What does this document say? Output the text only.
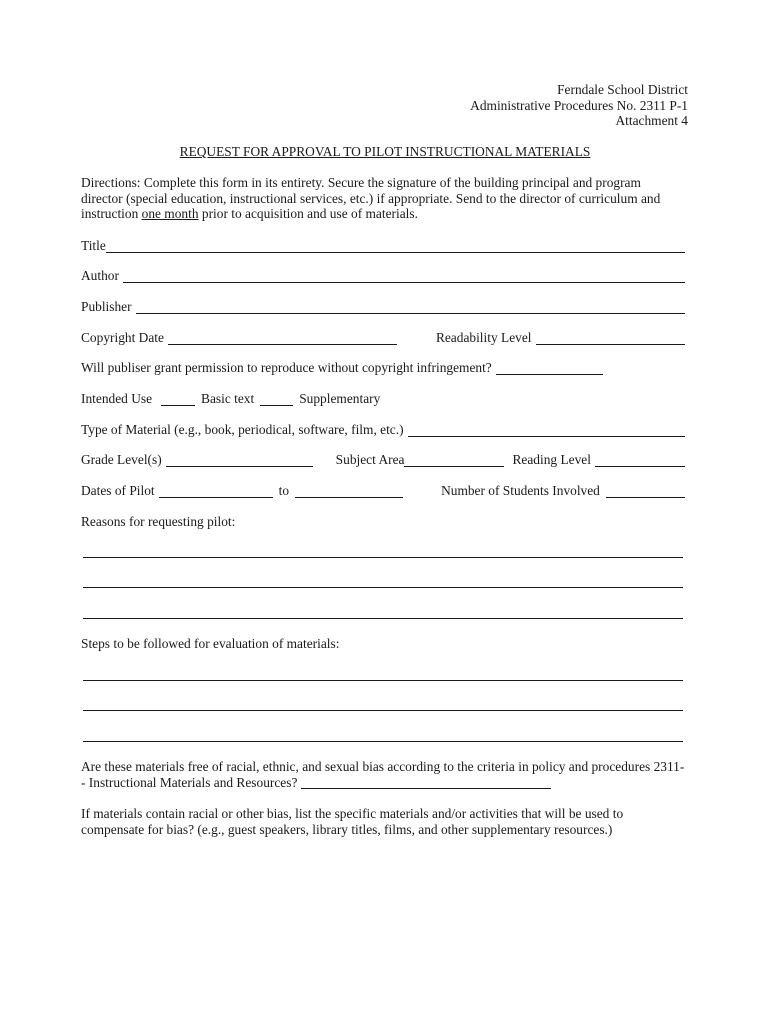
Ferndale School District
Administrative Procedures No. 2311 P-1
Attachment 4
REQUEST FOR APPROVAL TO PILOT INSTRUCTIONAL MATERIALS
Directions: Complete this form in its entirety. Secure the signature of the building principal and program director (special education, instructional services, etc.) if appropriate. Send to the director of curriculum and instruction one month prior to acquisition and use of materials.
Title
Author
Publisher
Copyright Date	Readability Level
Will publiser grant permission to reproduce without copyright infringement?
Intended Use	Basic text	Supplementary
Type of Material (e.g., book, periodical, software, film, etc.)
Grade Level(s)	Subject Area	Reading Level
Dates of Pilot	to	Number of Students Involved
Reasons for requesting pilot:
Steps to be followed for evaluation of materials:
Are these materials free of racial, ethnic, and sexual bias according to the criteria in policy and procedures 2311-- Instructional Materials and Resources?
If materials contain racial or other bias, list the specific materials and/or activities that will be used to compensate for bias? (e.g., guest speakers, library titles, films, and other supplementary resources.)
